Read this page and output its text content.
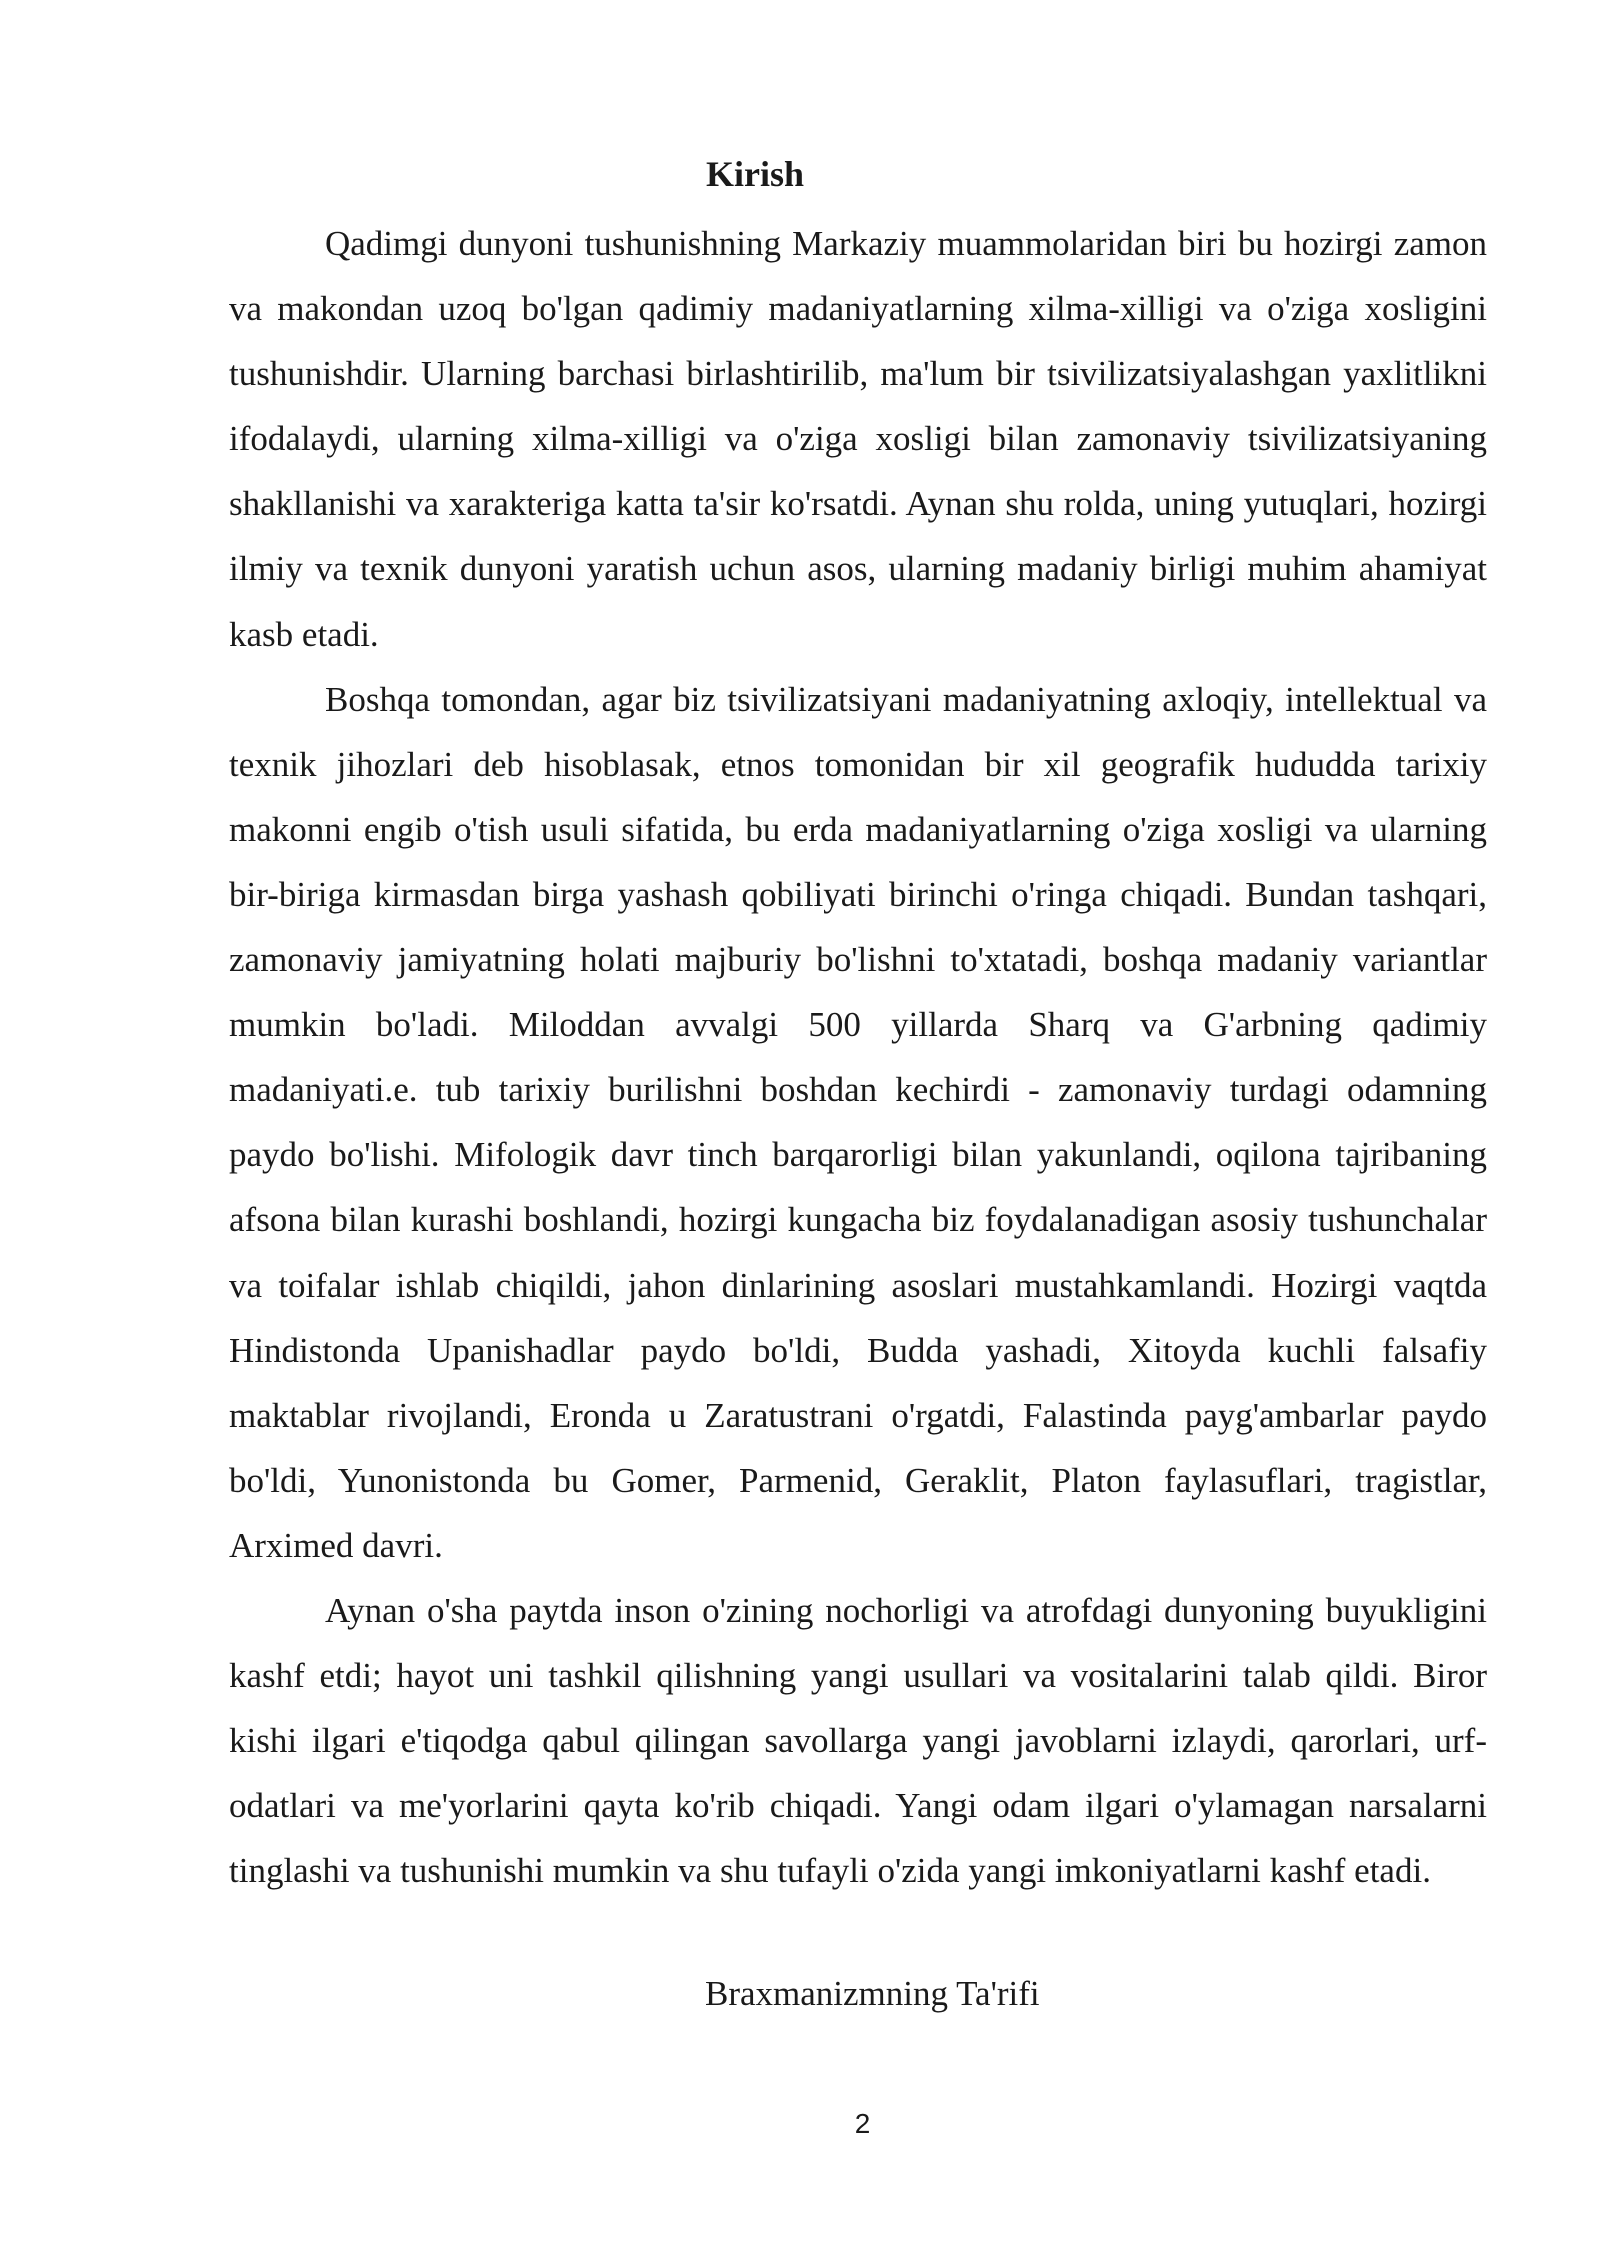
Kirish

Qadimgi dunyoni tushunishning Markaziy muammolaridan biri bu hozirgi zamon va makondan uzoq bo'lgan qadimiy madaniyatlarning xilma-xilligi va o'ziga xosligini tushunishdir. Ularning barchasi birlashtirilib, ma'lum bir tsivilizatsiyalashgan yaxlitlikni ifodalaydi, ularning xilma-xilligi va o'ziga xosligi bilan zamonaviy tsivilizatsiyaning shakllanishi va xarakteriga katta ta'sir ko'rsatdi. Aynan shu rolda, uning yutuqlari, hozirgi ilmiy va texnik dunyoni yaratish uchun asos, ularning madaniy birligi muhim ahamiyat kasb etadi.

Boshqa tomondan, agar biz tsivilizatsiyani madaniyatning axloqiy, intellektual va texnik jihozlari deb hisoblasak, etnos tomonidan bir xil geografik hududda tarixiy makonni engib o'tish usuli sifatida, bu erda madaniyatlarning o'ziga xosligi va ularning bir-biriga kirmasdan birga yashash qobiliyati birinchi o'ringa chiqadi. Bundan tashqari, zamonaviy jamiyatning holati majburiy bo'lishni to'xtatadi, boshqa madaniy variantlar mumkin bo'ladi. Miloddan avvalgi 500 yillarda Sharq va G'arbning qadimiy madaniyati.e. tub tarixiy burilishni boshdan kechirdi - zamonaviy turdagi odamning paydo bo'lishi. Mifologik davr tinch barqarorligi bilan yakunlandi, oqilona tajribaning afsona bilan kurashi boshlandi, hozirgi kungacha biz foydalanadigan asosiy tushunchalar va toifalar ishlab chiqildi, jahon dinlarining asoslari mustahkamlandi. Hozirgi vaqtda Hindistonda Upanishadlar paydo bo'ldi, Budda yashadi, Xitoyda kuchli falsafiy maktablar rivojlandi, Eronda u Zaratustrani o'rgatdi, Falastinda payg'ambarlar paydo bo'ldi, Yunonistonda bu Gomer, Parmenid, Geraklit, Platon faylasuflari, tragistlar, Arximed davri.

Aynan o'sha paytda inson o'zining nochorligi va atrofdagi dunyoning buyukligini kashf etdi; hayot uni tashkil qilishning yangi usullari va vositalarini talab qildi. Biror kishi ilgari e'tiqodga qabul qilingan savollarga yangi javoblarni izlaydi, qarorlari, urf-odatlari va me'yorlarini qayta ko'rib chiqadi. Yangi odam ilgari o'ylamagan narsalarni tinglashi va tushunishi mumkin va shu tufayli o'zida yangi imkoniyatlarni kashf etadi.

Braxmanizmning Ta'rifi
2
